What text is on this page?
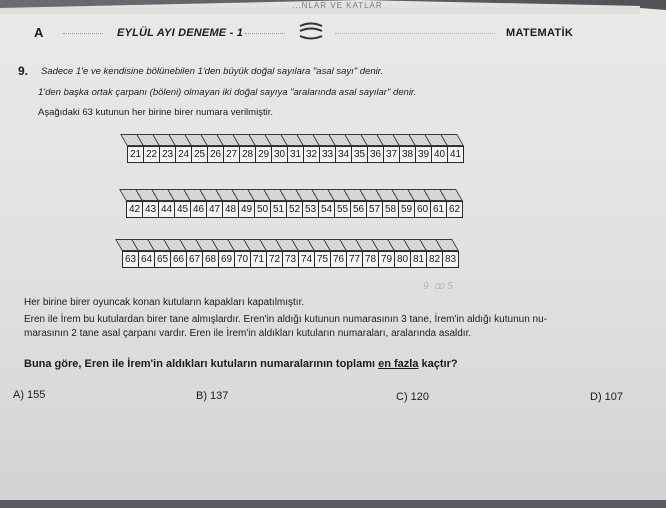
...NLAR VE KATLAR
A	EYLÜL AYI DENEME - 1	MATEMATİK
9. Sadece 1'e ve kendisine bölünebilen 1'den büyük doğal sayılara "asal sayı" denir.
1'den başka ortak çarpanı (böleni) olmayan iki doğal sayıya "aralarında asal sayılar" denir.
Aşağıdaki 63 kutunun her birine birer numara verilmiştir.
21 22 23 24 25 26 27 28 29 30 31 32 33 34 35 36 37 38 39 40 41
42 43 44 45 46 47 48 49 50 51 52 53 54 55 56 57 58 59 60 61 62
63 64 65 66 67 68 69 70 71 72 73 74 75 76 77 78 79 80 81 82 83
9  ꝏ 5
Her birine birer oyuncak konan kutuların kapakları kapatılmıştır.
Eren ile İrem bu kutulardan birer tane almışlardır. Eren'in aldığı kutunun numarasının 3 tane, İrem'in aldığı kutunun nu-
marasının 2 tane asal çarpanı vardır. Eren ile İrem'in aldıkları kutuların numaraları, aralarında asaldır.
Buna göre, Eren ile İrem'in aldıkları kutuların numaralarının toplamı en fazla kaçtır?
A) 155	B) 137	C) 120	D) 107
